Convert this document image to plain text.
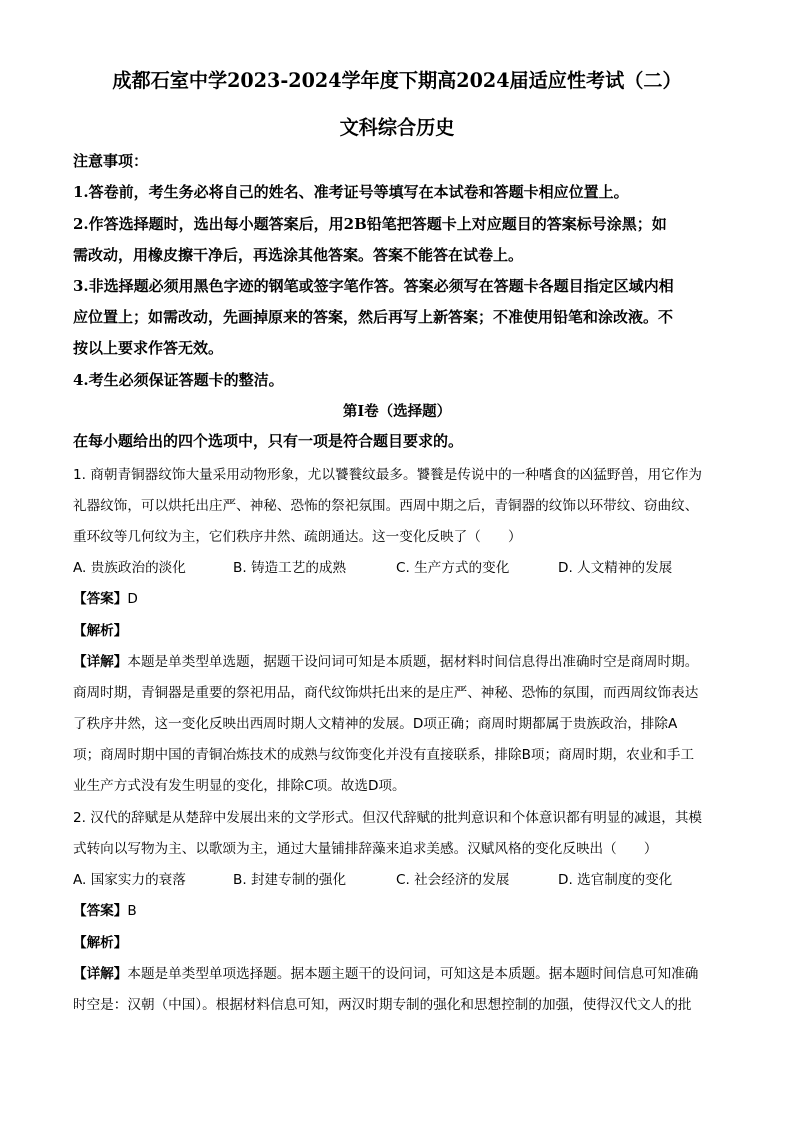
成都石室中学2023-2024学年度下期高2024届适应性考试（二）
文科综合历史
注意事项：
1.答卷前，考生务必将自己的姓名、准考证号等填写在本试卷和答题卡相应位置上。
2.作答选择题时，选出每小题答案后，用2B铅笔把答题卡上对应题目的答案标号涂黑；如
需改动，用橡皮擦干净后，再选涂其他答案。答案不能答在试卷上。
3.非选择题必须用黑色字迹的钢笔或签字笔作答。答案必须写在答题卡各题目指定区域内相
应位置上；如需改动，先画掉原来的答案，然后再写上新答案；不准使用铅笔和涂改液。不
按以上要求作答无效。
4.考生必须保证答题卡的整洁。
第Ⅰ卷（选择题）
在每小题给出的四个选项中，只有一项是符合题目要求的。
1. 商朝青铜器纹饰大量采用动物形象，尤以饕餮纹最多。饕餮是传说中的一种嗜食的凶猛野兽，用它作为
礼器纹饰，可以烘托出庄严、神秘、恐怖的祭祀氛围。西周中期之后，青铜器的纹饰以环带纹、窃曲纹、
重环纹等几何纹为主，它们秩序井然、疏朗通达。这一变化反映了（　　）
A. 贵族政治的淡化	B. 铸造工艺的成熟	C. 生产方式的变化	D. 人文精神的发展
【答案】D
【解析】
【详解】本题是单类型单选题，据题干设问词可知是本质题，据材料时间信息得出准确时空是商周时期。
商周时期，青铜器是重要的祭祀用品，商代纹饰烘托出来的是庄严、神秘、恐怖的氛围，而西周纹饰表达
了秩序井然，这一变化反映出西周时期人文精神的发展。D项正确；商周时期都属于贵族政治，排除A
项；商周时期中国的青铜冶炼技术的成熟与纹饰变化并没有直接联系，排除B项；商周时期，农业和手工
业生产方式没有发生明显的变化，排除C项。故选D项。
2. 汉代的辞赋是从楚辞中发展出来的文学形式。但汉代辞赋的批判意识和个体意识都有明显的减退，其模
式转向以写物为主、以歌颂为主，通过大量铺排辞藻来追求美感。汉赋风格的变化反映出（　　）
A. 国家实力的衰落	B. 封建专制的强化	C. 社会经济的发展	D. 选官制度的变化
【答案】B
【解析】
【详解】本题是单类型单项选择题。据本题主题干的设问词，可知这是本质题。据本题时间信息可知准确
时空是：汉朝（中国）。根据材料信息可知，两汉时期专制的强化和思想控制的加强，使得汉代文人的批
